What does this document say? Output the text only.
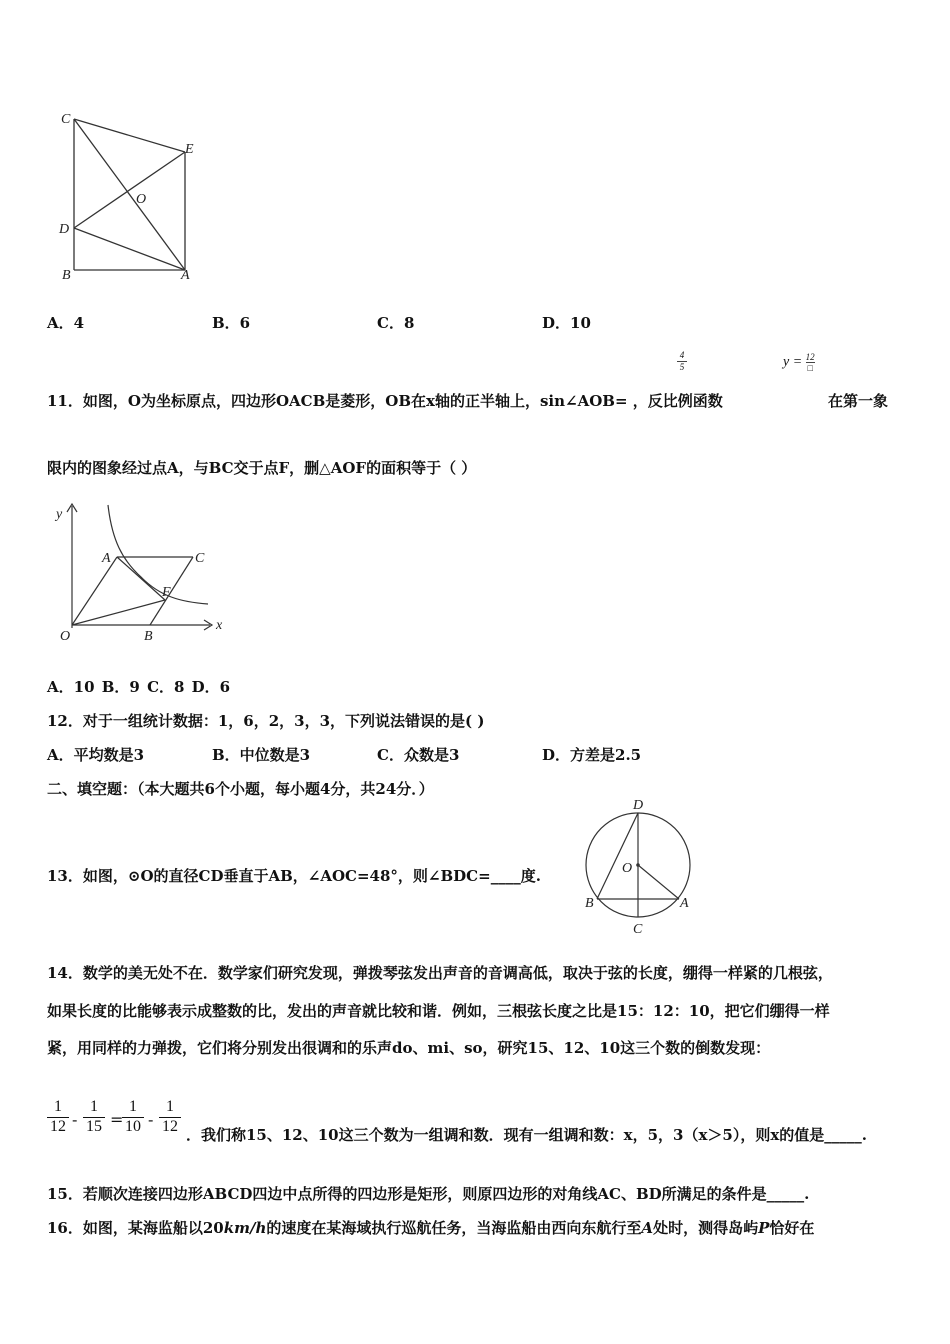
C
E
O
D
B	A
A．4	B．6	C．8	D．10
$\frac{4}{5}$	y = 12
□
11．如图，O为坐标原点，四边形OACB是菱形，OB在x轴的正半轴上，sin∠AOB= ，反比例函数	在第一象
限内的图象经过点A，与BC交于点F，删△AOF的面积等于（ ）
y
A	C
F
O	B
x
A．10 B．9 C．8 D．6
12．对于一组统计数据：1，6，2，3，3，下列说法错误的是( )
A．平均数是3	B．中位数是3	C．众数是3	D．方差是2.5
二、填空题：（本大题共6个小题，每小题4分，共24分．）
13．如图，⊙O的直径CD垂直于AB，∠AOC=48°，则∠BDC=____度.
D
O
B	A
C
14．数学的美无处不在．数学家们研究发现，弹拨琴弦发出声音的音调高低，取决于弦的长度，绷得一样紧的几根弦，
如果长度的比能够表示成整数的比，发出的声音就比较和谐．例如，三根弦长度之比是15：12：10，把它们绷得一样
紧，用同样的力弹拨，它们将分别发出很调和的乐声do、mi、so，研究15、12、10这三个数的倒数发现：
$\frac{1}{12} - \frac{1}{15}$ =
$\frac{1}{10} - \frac{1}{12}$ ．我们称15、12、10这三个数为一组调和数．现有一组调和数：x，5，3（x＞5），则x的值是_____.
15．若顺次连接四边形ABCD四边中点所得的四边形是矩形，则原四边形的对角线AC、BD所满足的条件是_____.
16．如图，某海监船以20km/h的速度在某海域执行巡航任务，当海监船由西向东航行至A处时，测得岛屿P恰好在
